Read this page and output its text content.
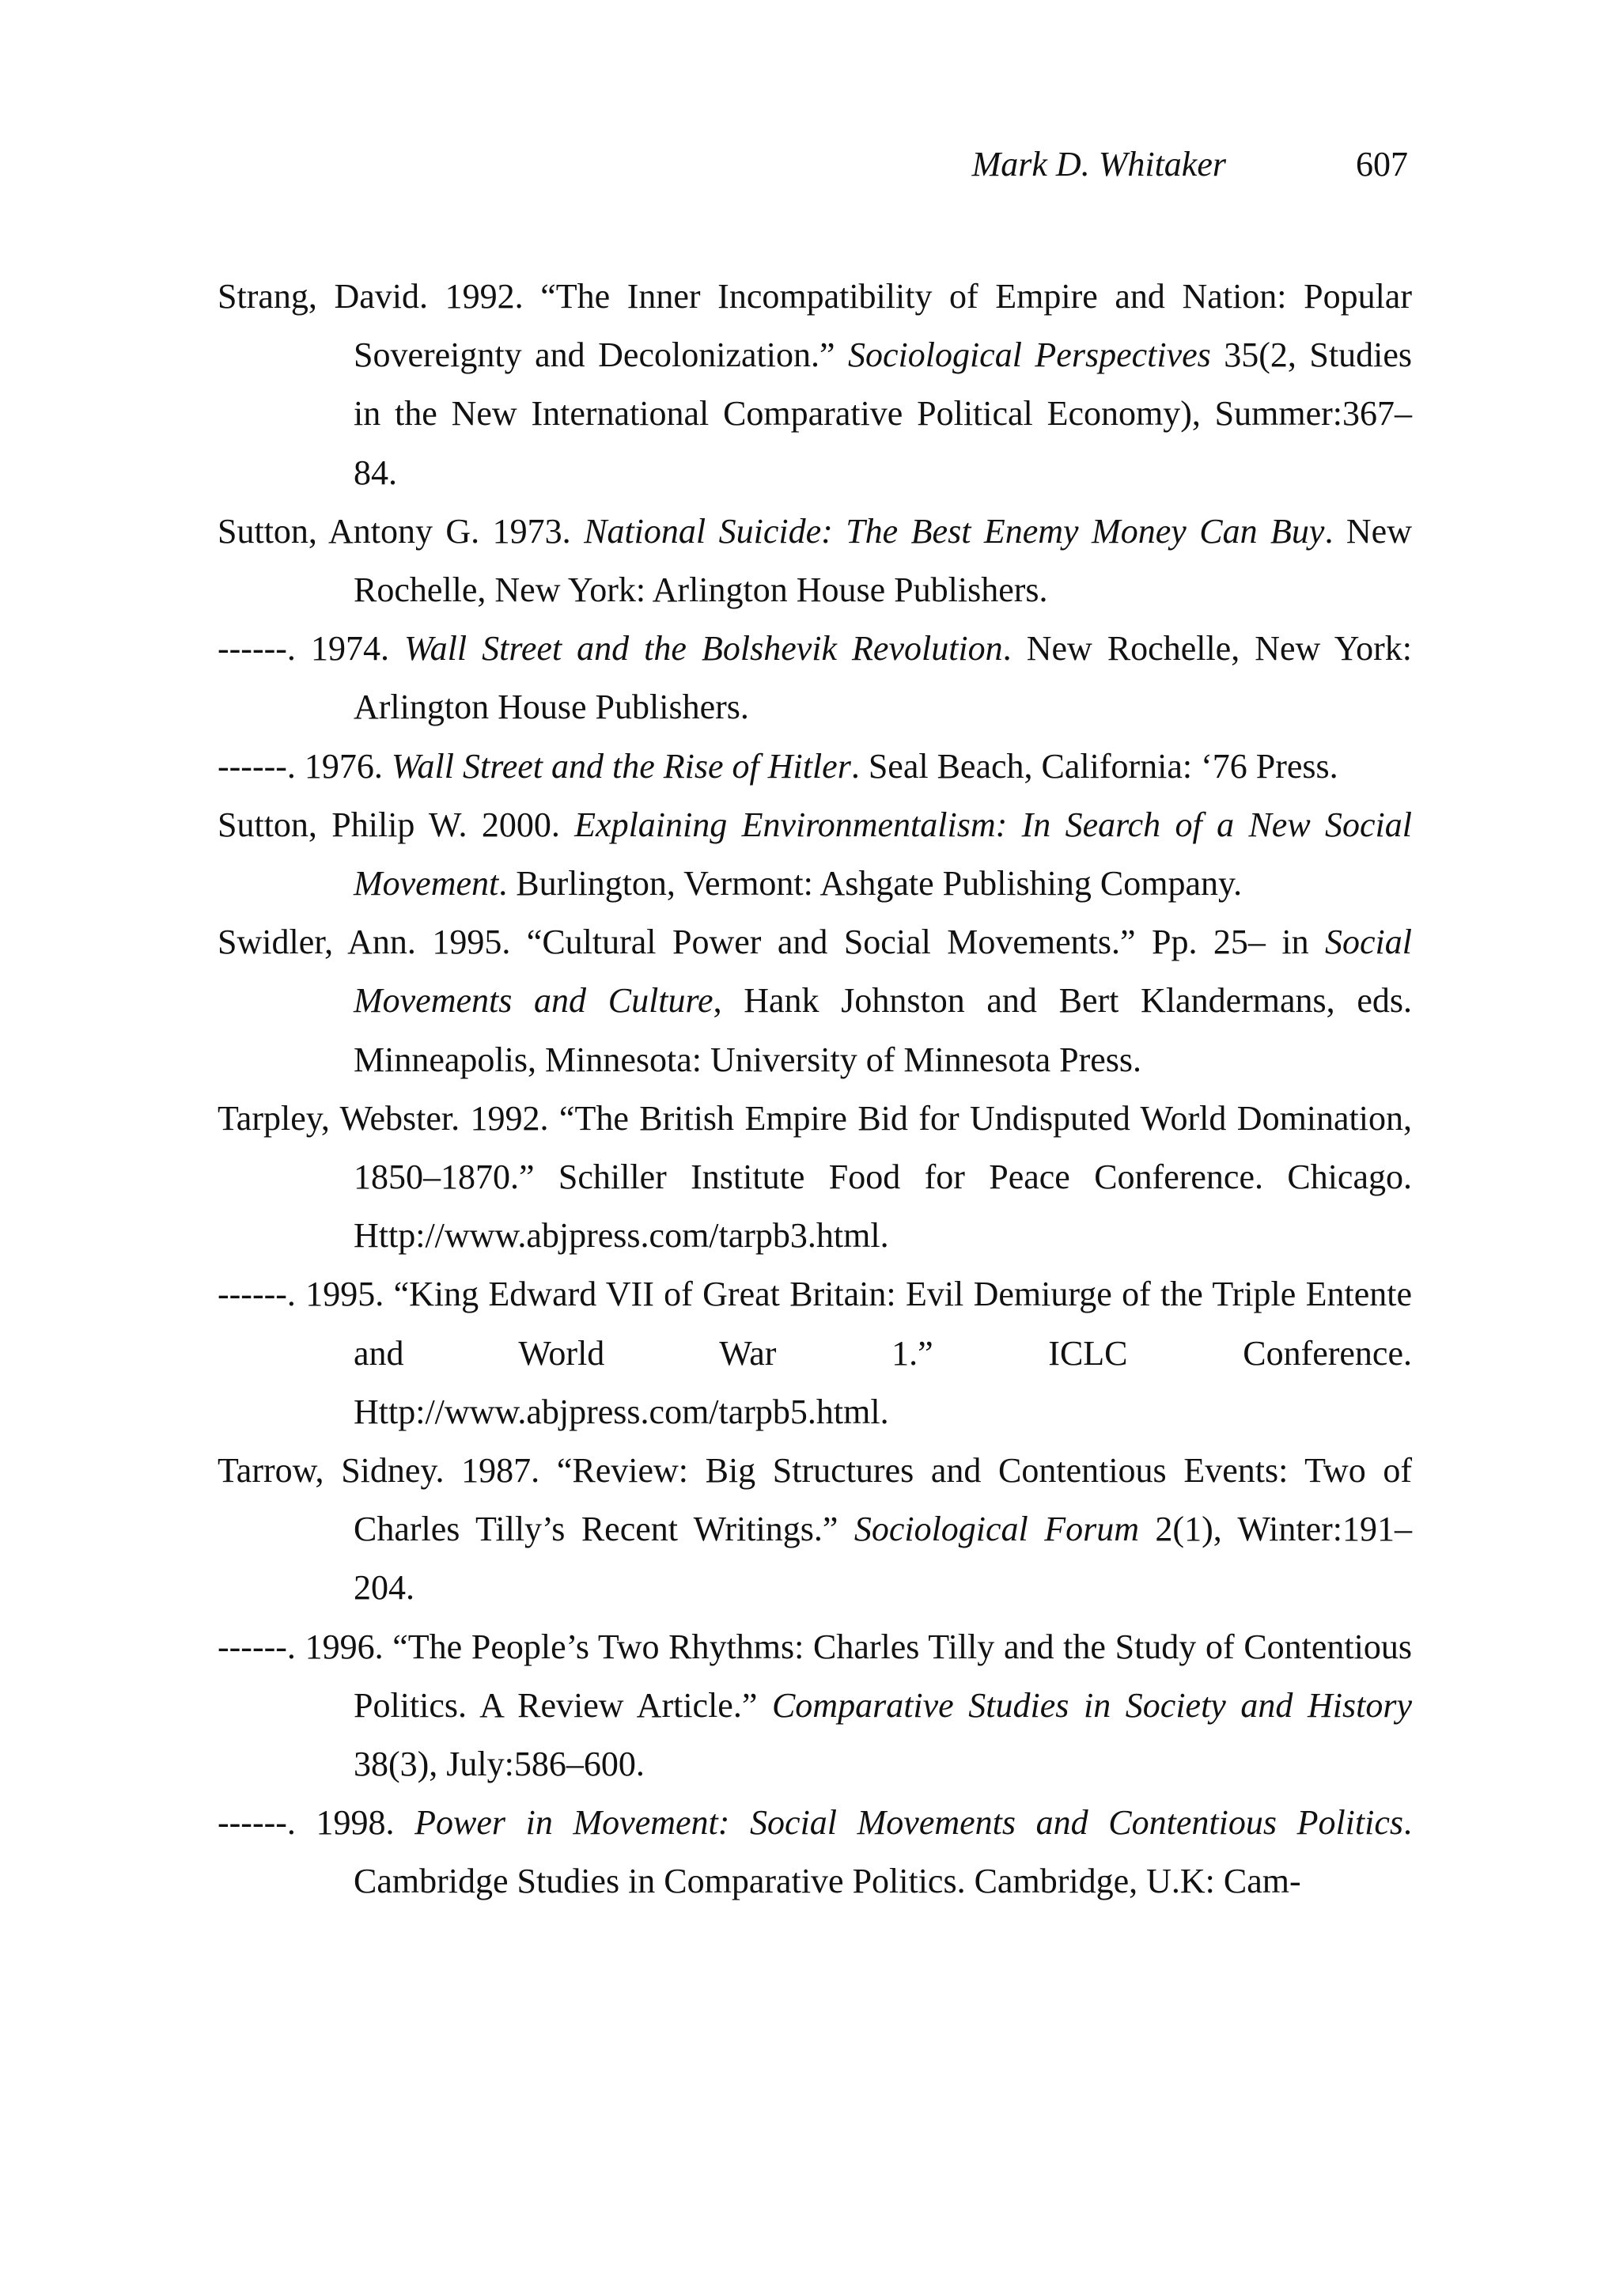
Mark D. Whitaker	607

Strang, David. 1992. “The Inner Incompatibility of Empire and Nation: Popular Sovereignty and Decolonization.” Sociological Perspectives 35(2, Studies in the New International Comparative Political Economy), Summer:367–84.

Sutton, Antony G. 1973. National Suicide: The Best Enemy Money Can Buy. New Rochelle, New York: Arlington House Publishers.

------. 1974. Wall Street and the Bolshevik Revolution. New Rochelle, New York: Arlington House Publishers.

------. 1976. Wall Street and the Rise of Hitler. Seal Beach, California: ‘76 Press.

Sutton, Philip W. 2000. Explaining Environmentalism: In Search of a New Social Movement. Burlington, Vermont: Ashgate Publishing Company.

Swidler, Ann. 1995. “Cultural Power and Social Movements.” Pp. 25– in Social Movements and Culture, Hank Johnston and Bert Klandermans, eds. Minneapolis, Minnesota: University of Minnesota Press.

Tarpley, Webster. 1992. “The British Empire Bid for Undisputed World Domination, 1850–1870.” Schiller Institute Food for Peace Conference. Chicago. Http://www.abjpress.com/tarpb3.html.

------. 1995. “King Edward VII of Great Britain: Evil Demiurge of the Triple Entente and World War 1.” ICLC Conference. Http://www.abjpress.com/tarpb5.html.

Tarrow, Sidney. 1987. “Review: Big Structures and Contentious Events: Two of Charles Tilly’s Recent Writings.” Sociological Forum 2(1), Winter:191–204.

------. 1996. “The People’s Two Rhythms: Charles Tilly and the Study of Contentious Politics. A Review Article.” Comparative Studies in Society and History 38(3), July:586–600.

------. 1998. Power in Movement: Social Movements and Contentious Politics. Cambridge Studies in Comparative Politics. Cambridge, U.K: Cam-
